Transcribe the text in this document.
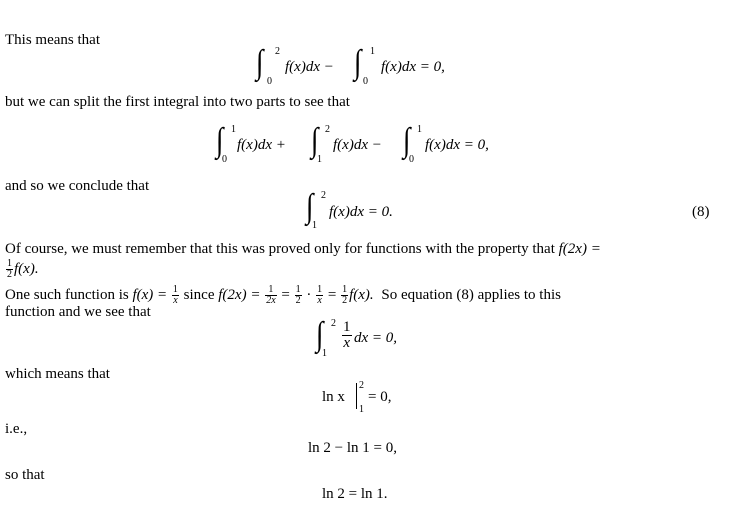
This means that
∫ 2
0
f(x)dx − ∫ 1
0
f(x)dx = 0,
but we can split the first integral into two parts to see that
∫ 1
0
f(x)dx + ∫ 2
1
f(x)dx − ∫ 1
0
f(x)dx = 0,
and so we conclude that
∫ 2
1
f(x)dx = 0.	(8)
Of course, we must remember that this was proved only for functions with the property that f(2x) =
$\frac{1}{2} f(x)$.
One such function is $f(x) = \frac{1}{x}$ since $f(2x) = \frac{1}{2x} = \frac{1}{2} \cdot \frac{1}{x} = \frac{1}{2} f(x)$. So equation (8) applies to this
function and we see that
∫ 2
1
$\frac{1}{x}$ dx = 0,
which means that
ln x
2
1
= 0,
i.e.,
ln 2 − ln 1 = 0,
so that
ln 2 = ln 1.
